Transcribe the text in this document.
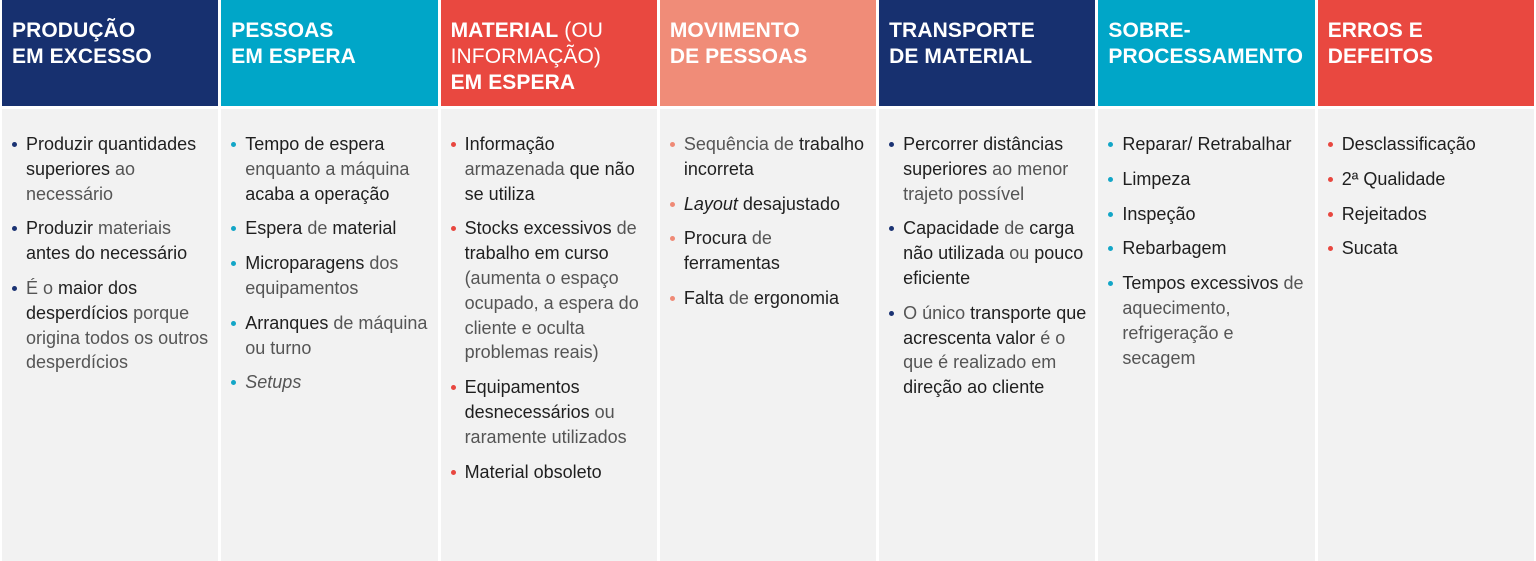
PRODUÇÃO
EM EXCESSO
Produzir quantidades superiores ao necessário
Produzir materiais antes do necessário
É o maior dos desperdícios porque origina todos os outros desperdícios
PESSOAS
EM ESPERA
Tempo de espera enquanto a máquina acaba a operação
Espera de material
Microparagens dos equipamentos
Arranques de máquina ou turno
Setups
MATERIAL (OU
INFORMAÇÃO)
EM ESPERA
Informação armazenada que não se utiliza
Stocks excessivos de trabalho em curso (aumenta o espaço ocupado, a espera do cliente e oculta problemas reais)
Equipamentos desnecessários ou raramente utilizados
Material obsoleto
MOVIMENTO
DE PESSOAS
Sequência de trabalho incorreta
Layout desajustado
Procura de ferramentas
Falta de ergonomia
TRANSPORTE
DE MATERIAL
Percorrer distâncias superiores ao menor trajeto possível
Capacidade de carga não utilizada ou pouco eficiente
O único transporte que acrescenta valor é o que é realizado em direção ao cliente
SOBRE-
PROCESSAMENTO
Reparar/ Retrabalhar
Limpeza
Inspeção
Rebarbagem
Tempos excessivos de aquecimento, refrigeração e secagem
ERROS E
DEFEITOS
Desclassificação
2ª Qualidade
Rejeitados
Sucata
